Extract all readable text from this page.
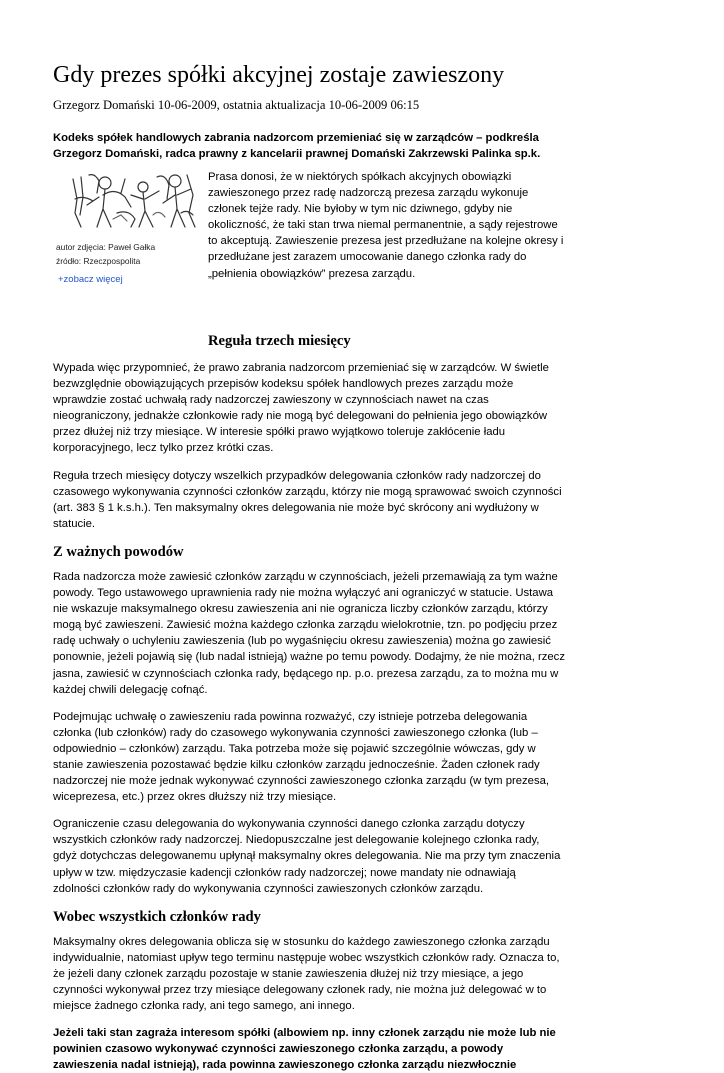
Gdy prezes spółki akcyjnej zostaje zawieszony

Grzegorz Domański 10-06-2009, ostatnia aktualizacja 10-06-2009 06:15

Kodeks spółek handlowych zabrania nadzorcom przemieniać się w zarządców – podkreśla Grzegorz Domański, radca prawny z kancelarii prawnej Domański Zakrzewski Palinka sp.k.

autor zdjęcia: Paweł Gałka

źródło: Rzeczpospolita

+zobacz więcej

Prasa donosi, że w niektórych spółkach akcyjnych obowiązki zawieszonego przez radę nadzorczą prezesa zarządu wykonuje członek tejże rady. Nie byłoby w tym nic dziwnego, gdyby nie okoliczność, że taki stan trwa niemal permanentnie, a sądy rejestrowe to akceptują. Zawieszenie prezesa jest przedłużane na kolejne okresy i przedłużane jest zarazem umocowanie danego członka rady do „pełnienia obowiązków” prezesa zarządu.

Reguła trzech miesięcy

Wypada więc przypomnieć, że prawo zabrania nadzorcom przemieniać się w zarządców. W świetle bezwzględnie obowiązujących przepisów kodeksu spółek handlowych prezes zarządu może wprawdzie zostać uchwałą rady nadzorczej zawieszony w czynnościach nawet na czas nieograniczony, jednakże członkowie rady nie mogą być delegowani do pełnienia jego obowiązków przez dłużej niż trzy miesiące. W interesie spółki prawo wyjątkowo toleruje zakłócenie ładu korporacyjnego, lecz tylko przez krótki czas.

Reguła trzech miesięcy dotyczy wszelkich przypadków delegowania członków rady nadzorczej do czasowego wykonywania czynności członków zarządu, którzy nie mogą sprawować swoich czynności (art. 383 § 1 k.s.h.). Ten maksymalny okres delegowania nie może być skrócony ani wydłużony w statucie.

Z ważnych powodów

Rada nadzorcza może zawiesić członków zarządu w czynnościach, jeżeli przemawiają za tym ważne powody. Tego ustawowego uprawnienia rady nie można wyłączyć ani ograniczyć w statucie. Ustawa nie wskazuje maksymalnego okresu zawieszenia ani nie ogranicza liczby członków zarządu, którzy mogą być zawieszeni. Zawiesić można każdego członka zarządu wielokrotnie, tzn. po podjęciu przez radę uchwały o uchyleniu zawieszenia (lub po wygaśnięciu okresu zawieszenia) można go zawiesić ponownie, jeżeli pojawią się (lub nadal istnieją) ważne po temu powody. Dodajmy, że nie można, rzecz jasna, zawiesić w czynnościach członka rady, będącego np. p.o. prezesa zarządu, za to można mu w każdej chwili delegację cofnąć.

Podejmując uchwałę o zawieszeniu rada powinna rozważyć, czy istnieje potrzeba delegowania członka (lub członków) rady do czasowego wykonywania czynności zawieszonego członka (lub – odpowiednio – członków) zarządu. Taka potrzeba może się pojawić szczególnie wówczas, gdy w stanie zawieszenia pozostawać będzie kilku członków zarządu jednocześnie. Żaden członek rady nadzorczej nie może jednak wykonywać czynności zawieszonego członka zarządu (w tym prezesa, wiceprezesa, etc.) przez okres dłuższy niż trzy miesiące.

Ograniczenie czasu delegowania do wykonywania czynności danego członka zarządu dotyczy wszystkich członków rady nadzorczej. Niedopuszczalne jest delegowanie kolejnego członka rady, gdyż dotychczas delegowanemu upłynął maksymalny okres delegowania. Nie ma przy tym znaczenia upływ w tzw. międzyczasie kadencji członków rady nadzorczej; nowe mandaty nie odnawiają zdolności członków rady do wykonywania czynności zawieszonych członków zarządu.

Wobec wszystkich członków rady

Maksymalny okres delegowania oblicza się w stosunku do każdego zawieszonego członka zarządu indywidualnie, natomiast upływ tego terminu następuje wobec wszystkich członków rady. Oznacza to, że jeżeli dany członek zarządu pozostaje w stanie zawieszenia dłużej niż trzy miesiące, a jego czynności wykonywał przez trzy miesiące delegowany członek rady, nie można już delegować w to miejsce żadnego członka rady, ani tego samego, ani innego.

Jeżeli taki stan zagraża interesom spółki (albowiem np. inny członek zarządu nie może lub nie powinien czasowo wykonywać czynności zawieszonego członka zarządu, a powody zawieszenia nadal istnieją), rada powinna zawieszonego członka zarządu niezwłocznie
